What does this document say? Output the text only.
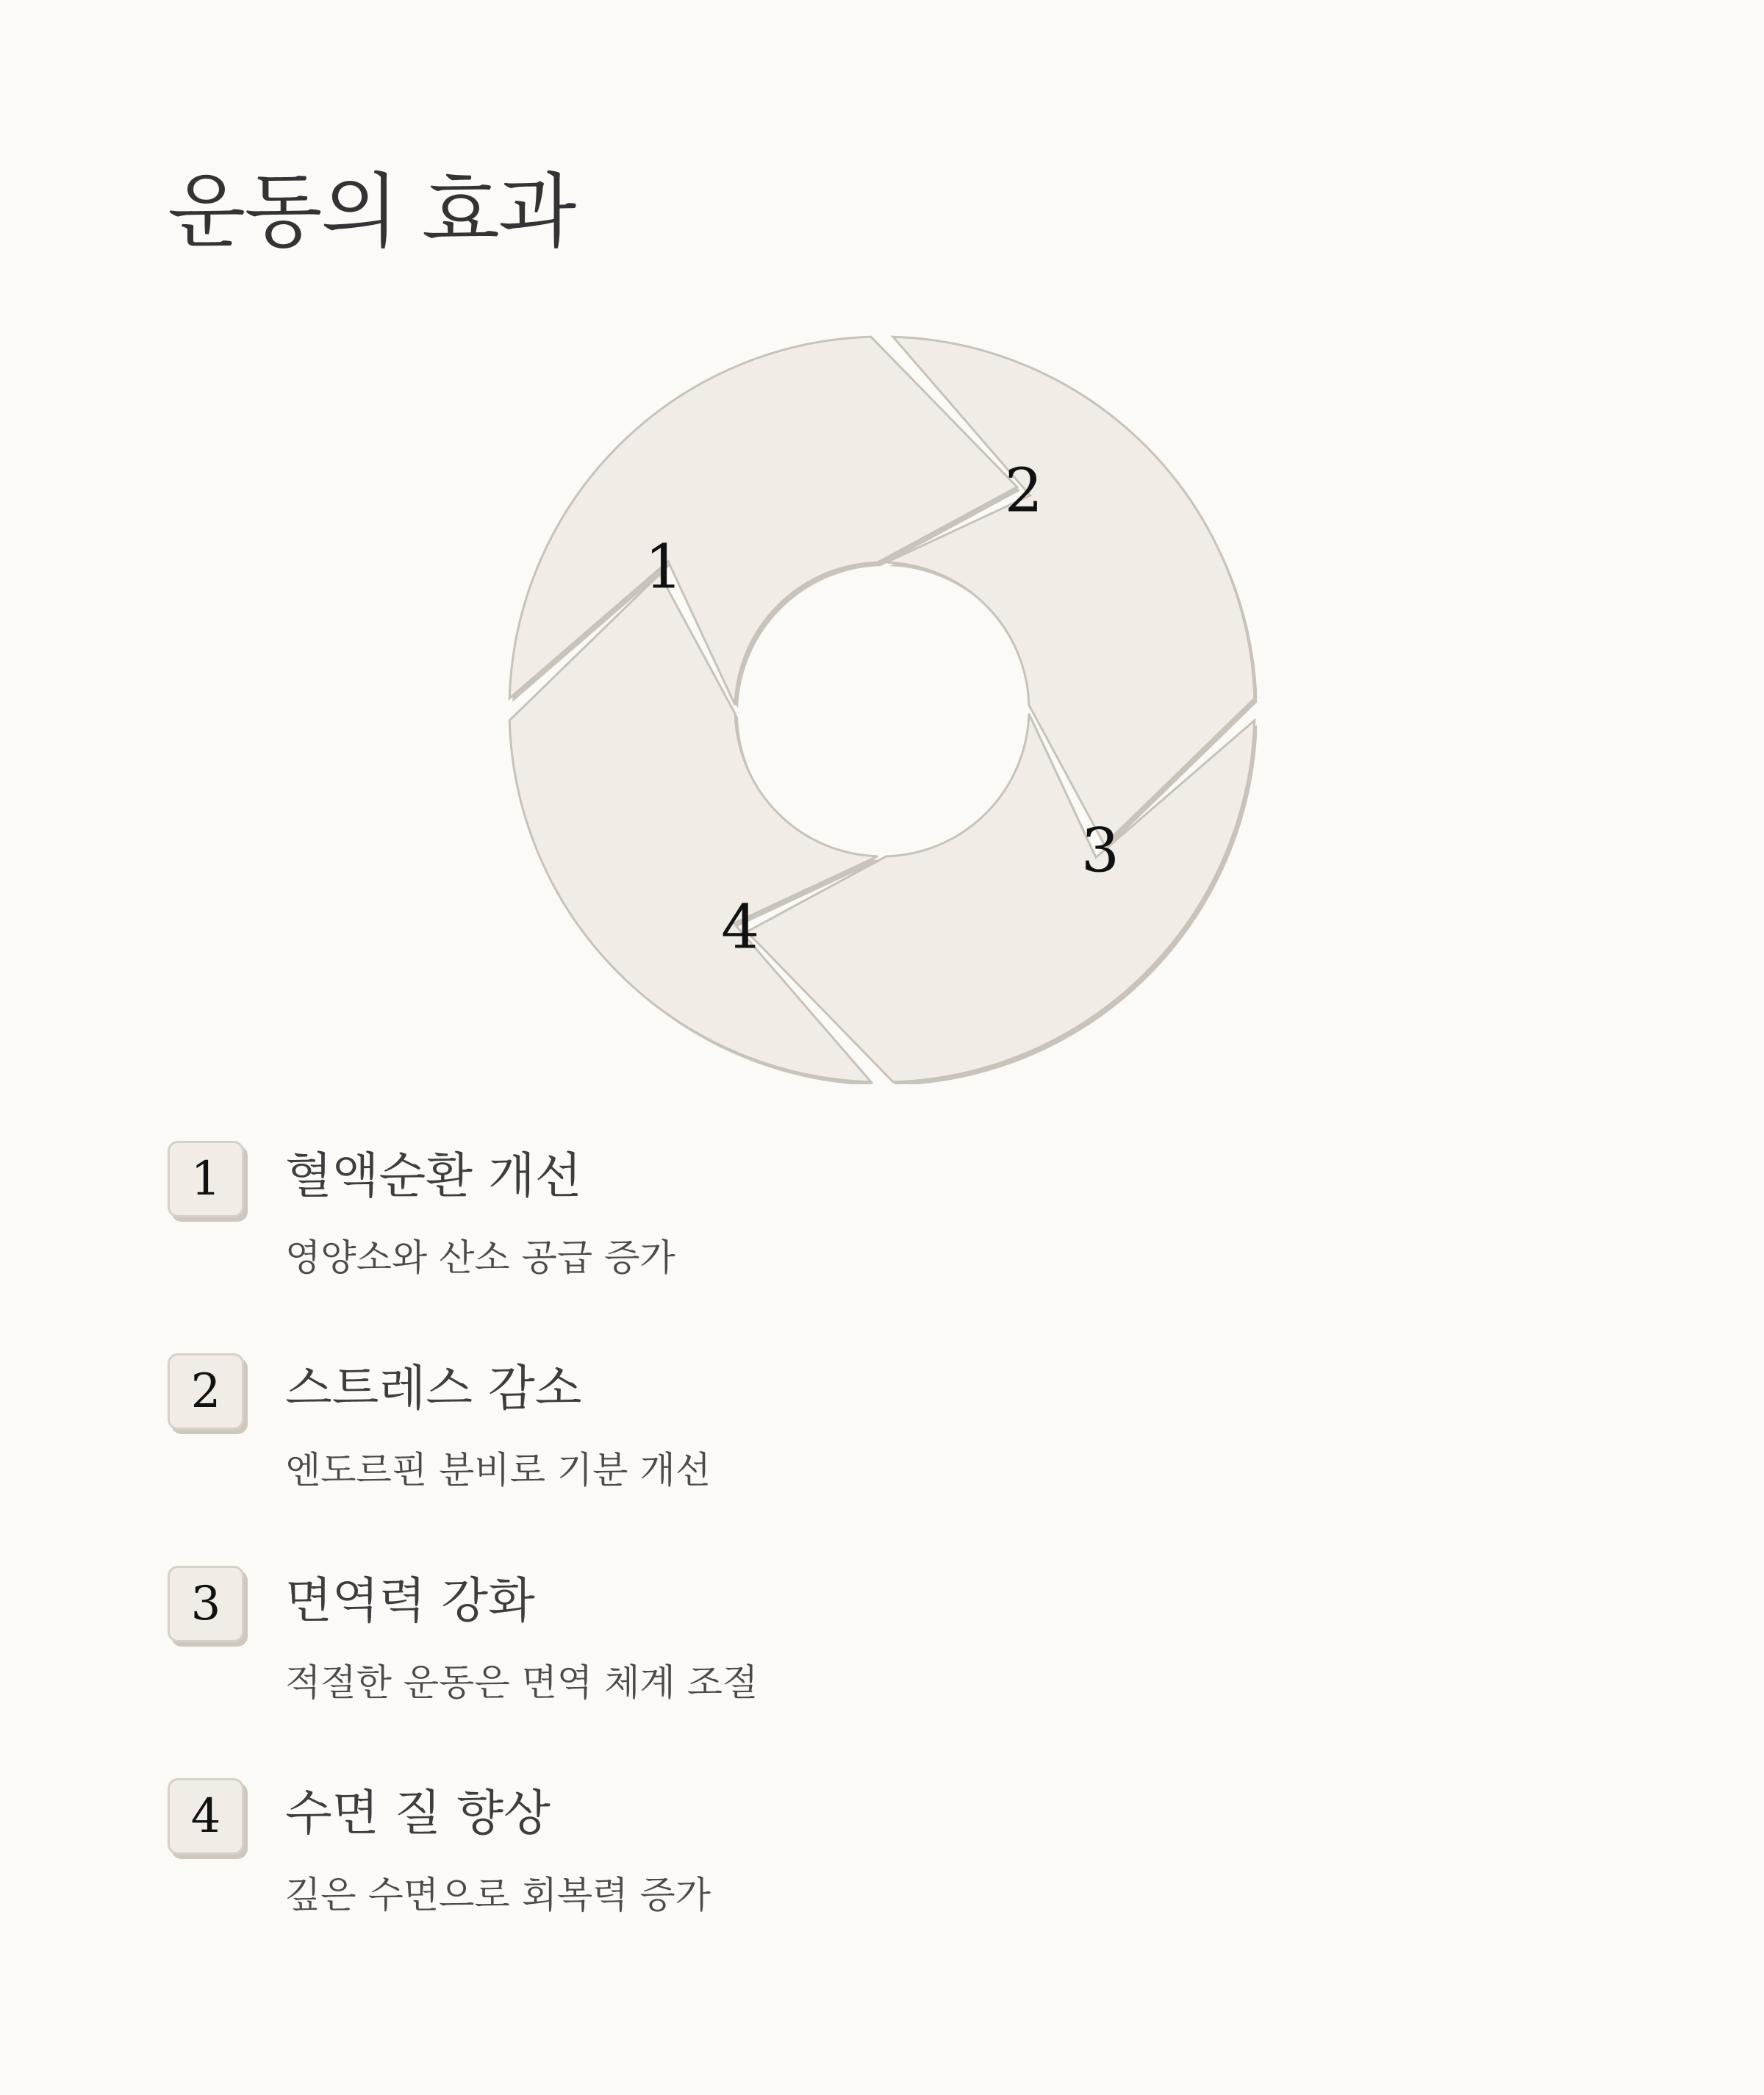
운동의 효과
1
2
3
4
1	혈액순환 개선
영양소와 산소 공급 증가
2	스트레스 감소
엔도르핀 분비로 기분 개선
3	면역력 강화
적절한 운동은 면역 체계 조절
4	수면 질 향상
깊은 수면으로 회복력 증가
